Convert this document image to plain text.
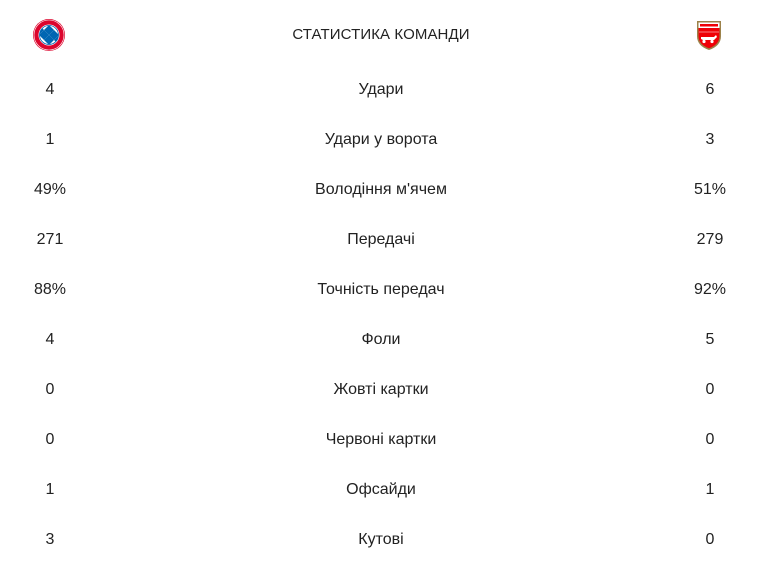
СТАТИСТИКА КОМАНДИ
4	Удари	6
1	Удари у ворота	3
49%	Володіння м'ячем	51%
271	Передачі	279
88%	Точність передач	92%
4	Фоли	5
0	Жовті картки	0
0	Червоні картки	0
1	Офсайди	1
3	Кутові	0
